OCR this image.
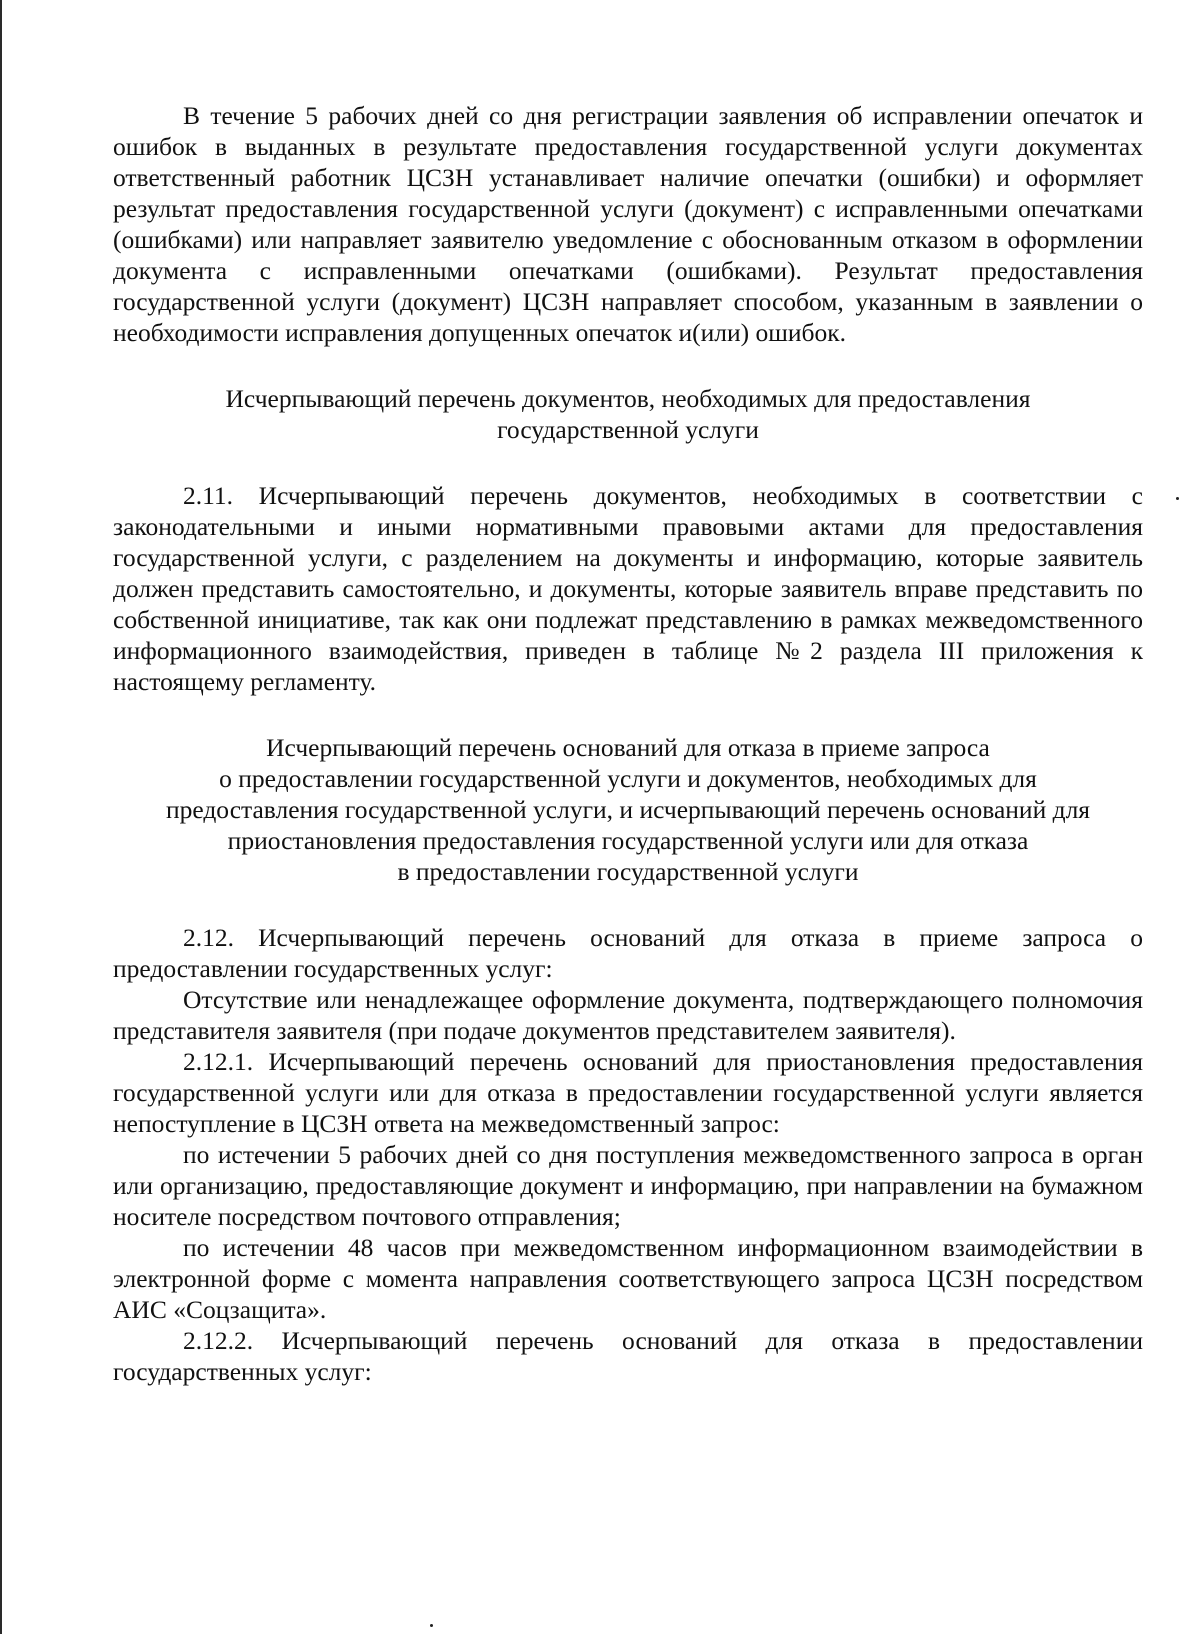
В течение 5 рабочих дней со дня регистрации заявления об исправлении опечаток и ошибок в выданных в результате предоставления государственной услуги документах ответственный работник ЦСЗН устанавливает наличие опечатки (ошибки) и оформляет результат предоставления государственной услуги (документ) с исправленными опечатками (ошибками) или направляет заявителю уведомление с обоснованным отказом в оформлении документа с исправленными опечатками (ошибками). Результат предоставления государственной услуги (документ) ЦСЗН направляет способом, указанным в заявлении о необходимости исправления допущенных опечаток и(или) ошибок.

Исчерпывающий перечень документов, необходимых для предоставления

государственной услуги

2.11. Исчерпывающий перечень документов, необходимых в соответствии с законодательными и иными нормативными правовыми актами для предоставления государственной услуги, с разделением на документы и информацию, которые заявитель должен представить самостоятельно, и документы, которые заявитель вправе представить по собственной инициативе, так как они подлежат представлению в рамках межведомственного информационного взаимодействия, приведен в таблице №2 раздела III приложения к настоящему регламенту.

Исчерпывающий перечень оснований для отказа в приеме запроса

о предоставлении государственной услуги и документов, необходимых для

предоставления государственной услуги, и исчерпывающий перечень оснований для

приостановления предоставления государственной услуги или для отказа

в предоставлении государственной услуги

2.12. Исчерпывающий перечень оснований для отказа в приеме запроса о предоставлении государственных услуг:

Отсутствие или ненадлежащее оформление документа, подтверждающего полномочия представителя заявителя (при подаче документов представителем заявителя).

2.12.1. Исчерпывающий перечень оснований для приостановления предоставления государственной услуги или для отказа в предоставлении государственной услуги является непоступление в ЦСЗН ответа на межведомственный запрос:

по истечении 5 рабочих дней со дня поступления межведомственного запроса в орган или организацию, предоставляющие документ и информацию, при направлении на бумажном носителе посредством почтового отправления;

по истечении 48 часов при межведомственном информационном взаимодействии в электронной форме с момента направления соответствующего запроса ЦСЗН посредством АИС «Соцзащита».

2.12.2. Исчерпывающий перечень оснований для отказа в предоставлении государственных услуг:
